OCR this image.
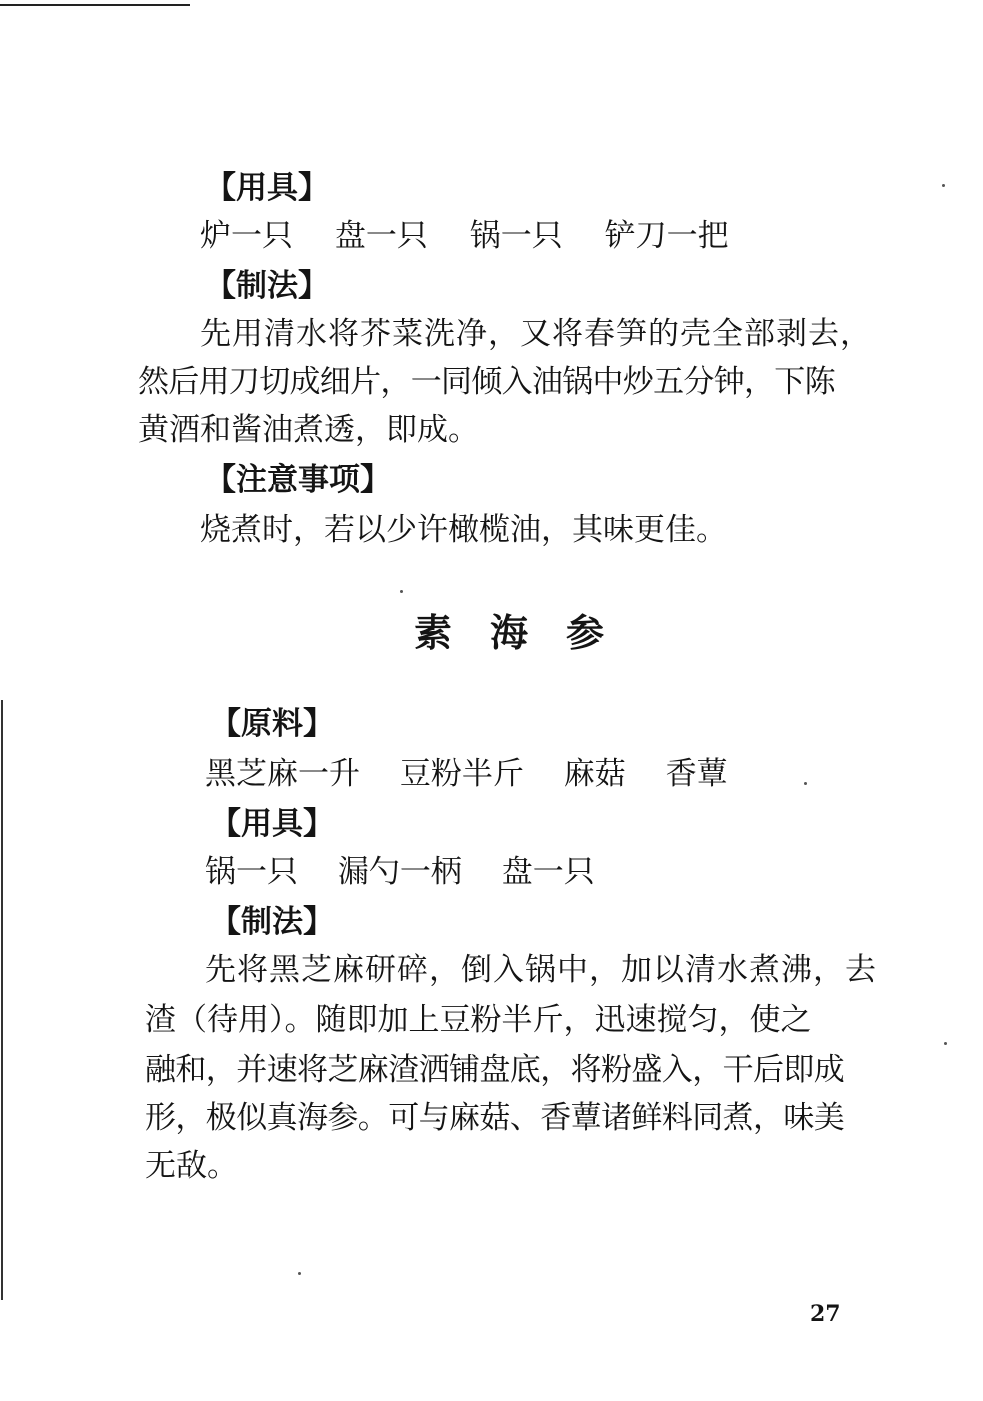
【用具】
炉一只 盘一只 锅一只 铲刀一把
【制法】
先用清水将芥菜洗净，又将春笋的壳全部剥去，
然后用刀切成细片，一同倾入油锅中炒五分钟，下陈
黄酒和酱油煮透，即成。
【注意事项】
烧煮时，若以少许橄榄油，其味更佳。
素海参
【原料】
黑芝麻一升 豆粉半斤 麻菇 香蕈
【用具】
锅一只 漏勺一柄 盘一只
【制法】
先将黑芝麻研碎，倒入锅中，加以清水煮沸，去
渣（待用）。随即加上豆粉半斤，迅速搅匀，使之
融和，并速将芝麻渣洒铺盘底，将粉盛入，干后即成
形，极似真海参。可与麻菇、香蕈诸鲜料同煮，味美
无敌。
27
